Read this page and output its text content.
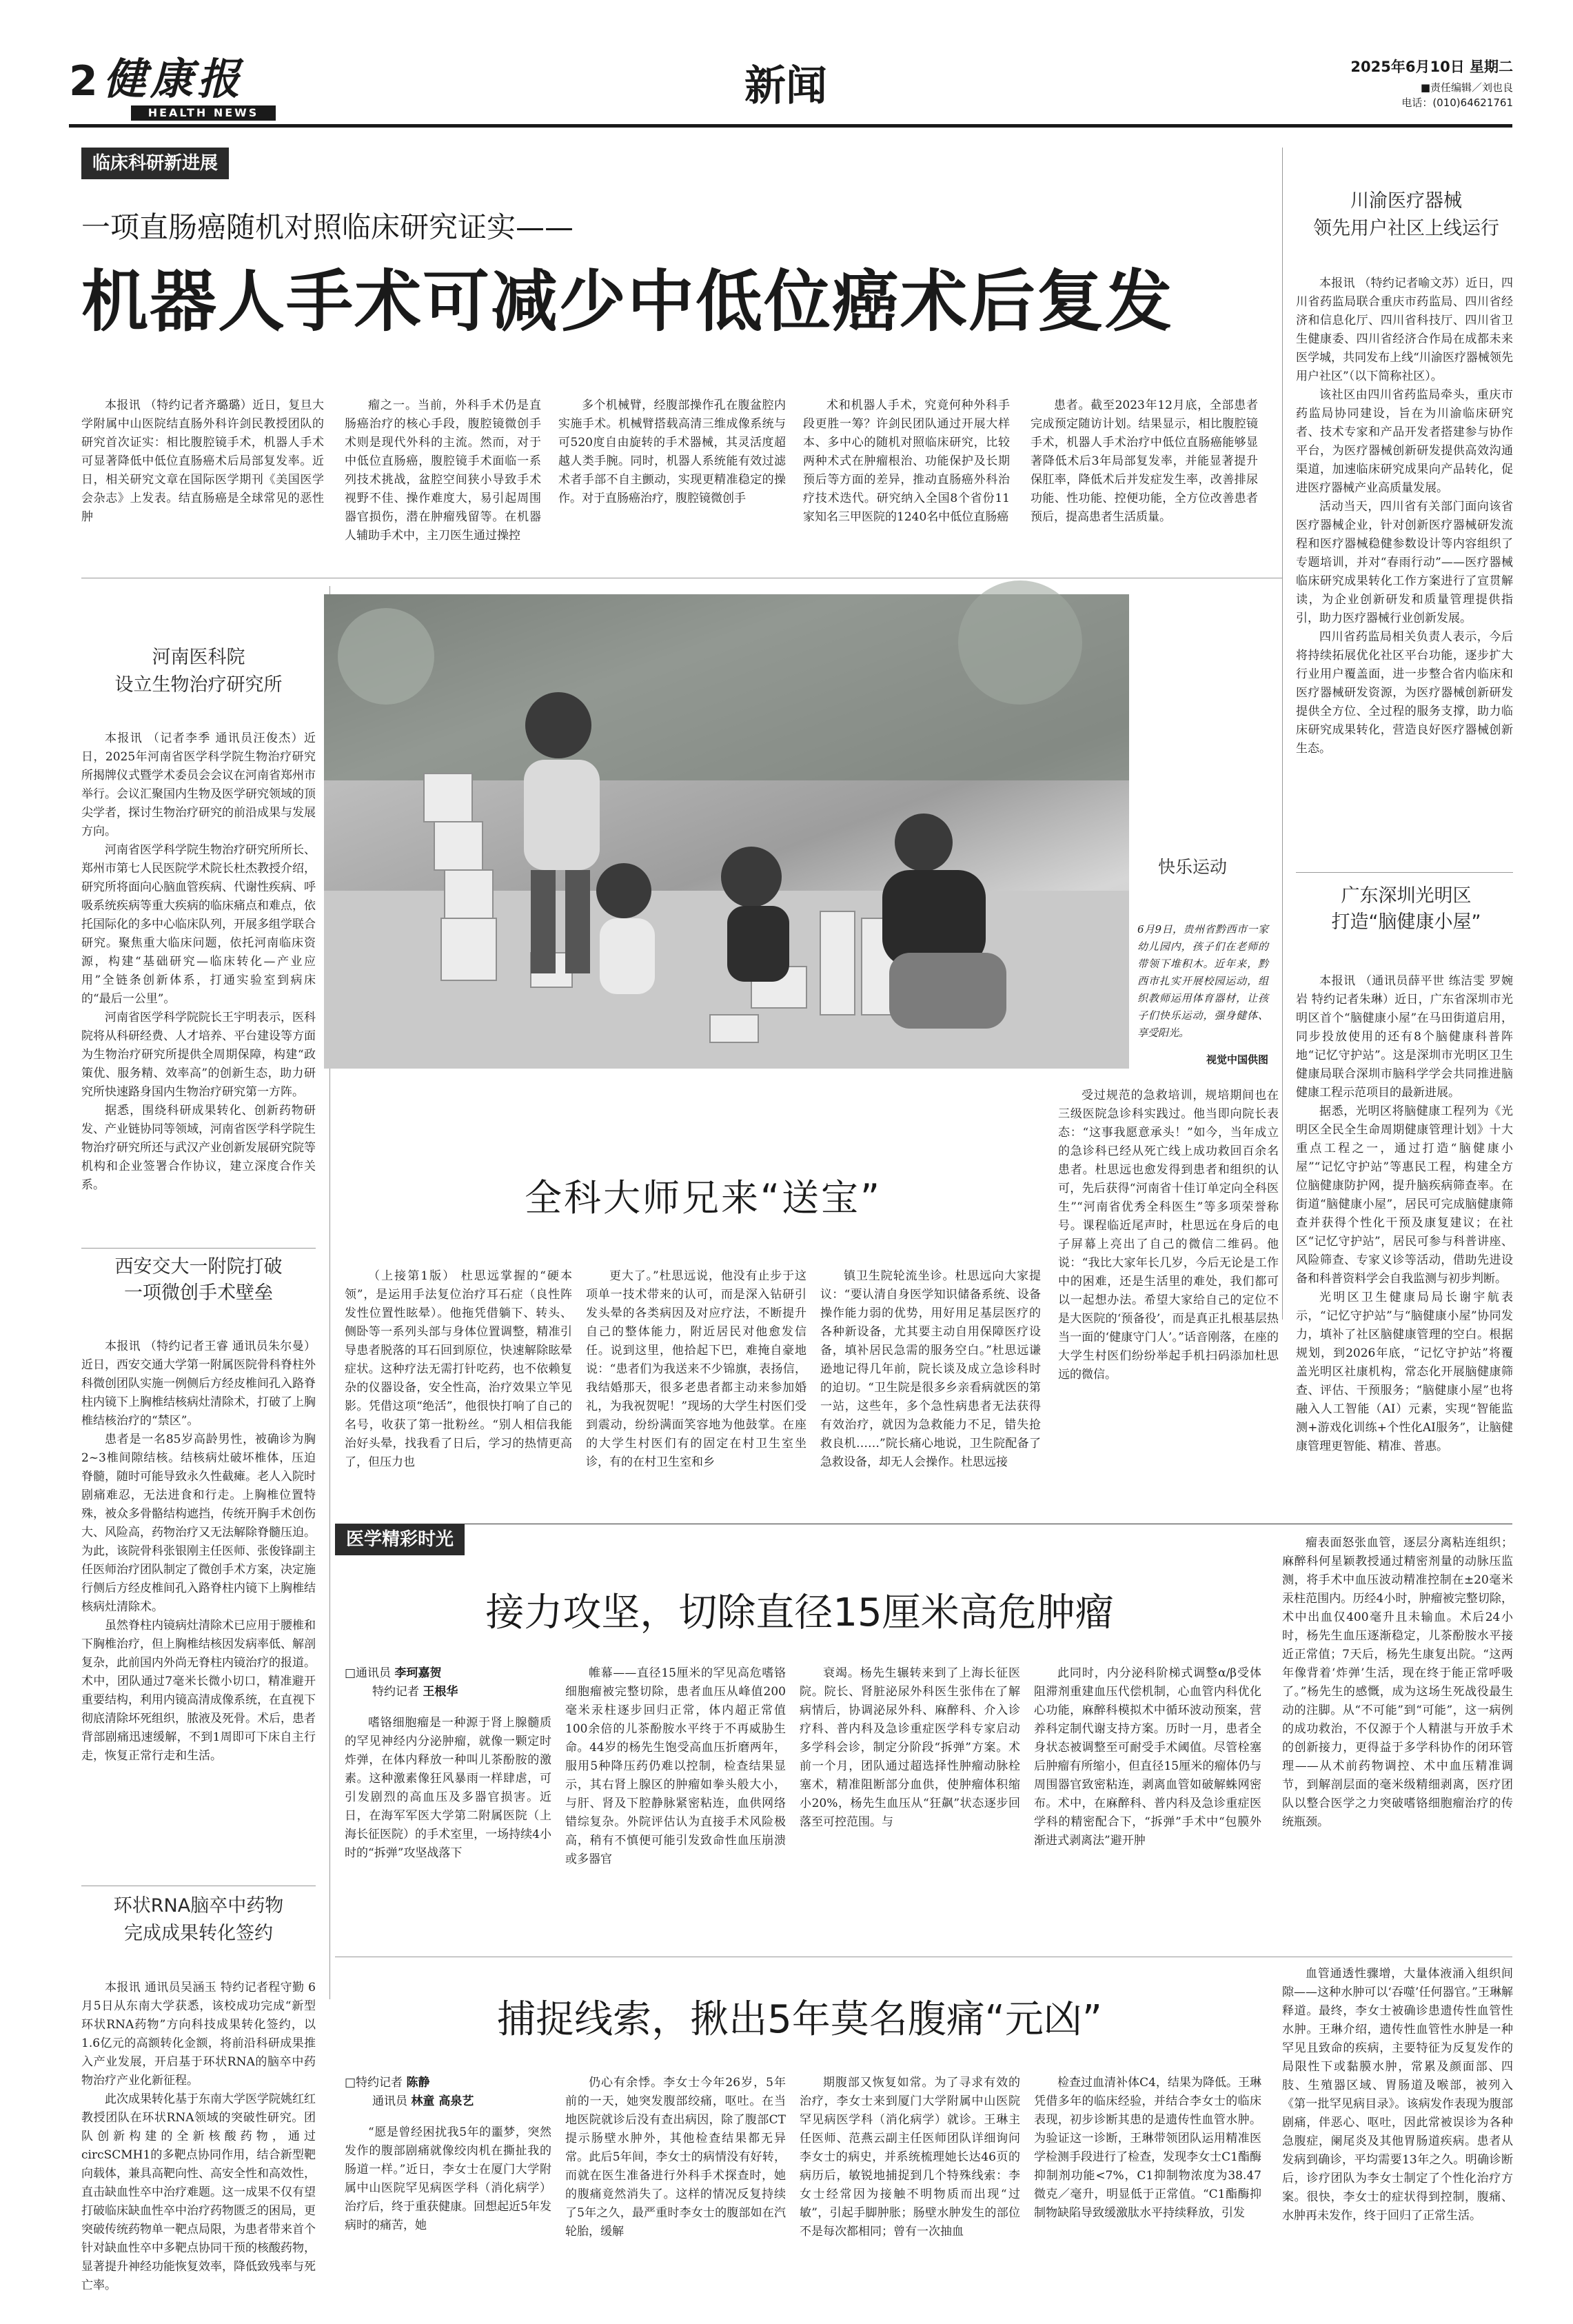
2 健康报
HEALTH NEWS
新闻	2025年6月10日 星期二
■责任编辑／刘也良
电话：(010)64621761
临床科研新进展
一项直肠癌随机对照临床研究证实——
机器人手术可减少中低位癌术后复发

本报讯 （特约记者齐璐璐）近日，复旦大学附属中山医院结直肠外科许剑民教授团队的研究首次证实：相比腹腔镜手术，机器人手术可显著降低中低位直肠癌术后局部复发率。近日，相关研究文章在国际医学期刊《美国医学会杂志》上发表。结直肠癌是全球常见的恶性肿

瘤之一。当前，外科手术仍是直肠癌治疗的核心手段，腹腔镜微创手术则是现代外科的主流。然而，对于中低位直肠癌，腹腔镜手术面临一系列技术挑战，盆腔空间狭小导致手术视野不佳、操作难度大，易引起周围器官损伤，潜在肿瘤残留等。在机器人辅助手术中，主刀医生通过操控

多个机械臂，经腹部操作孔在腹盆腔内实施手术。机械臂搭载高清三维成像系统与可520度自由旋转的手术器械，其灵活度超越人类手腕。同时，机器人系统能有效过滤术者手部不自主颤动，实现更精准稳定的操作。对于直肠癌治疗，腹腔镜微创手

术和机器人手术，究竟何种外科手段更胜一筹？许剑民团队通过开展大样本、多中心的随机对照临床研究，比较两种术式在肿瘤根治、功能保护及长期预后等方面的差异，推动直肠癌外科治疗技术迭代。研究纳入全国8个省份11家知名三甲医院的1240名中低位直肠癌

患者。截至2023年12月底，全部患者完成预定随访计划。结果显示，相比腹腔镜手术，机器人手术治疗中低位直肠癌能够显著降低术后3年局部复发率，并能显著提升保肛率，降低术后并发症发生率，改善排尿功能、性功能、控便功能，全方位改善患者预后，提高患者生活质量。

川渝医疗器械
领先用户社区上线运行

本报讯 （特约记者喻文苏）近日，四川省药监局联合重庆市药监局、四川省经济和信息化厅、四川省科技厅、四川省卫生健康委、四川省经济合作局在成都未来医学城，共同发布上线“川渝医疗器械领先用户社区”（以下简称社区）。

该社区由四川省药监局牵头，重庆市药监局协同建设，旨在为川渝临床研究者、技术专家和产品开发者搭建参与协作平台，为医疗器械创新研发提供高效沟通渠道，加速临床研究成果向产品转化，促进医疗器械产业高质量发展。

活动当天，四川省有关部门面向该省医疗器械企业，针对创新医疗器械研发流程和医疗器械稳健参数设计等内容组织了专题培训，并对“春雨行动”——医疗器械临床研究成果转化工作方案进行了宣贯解读，为企业创新研发和质量管理提供指引，助力医疗器械行业创新发展。

四川省药监局相关负责人表示，今后将持续拓展优化社区平台功能，逐步扩大行业用户覆盖面，进一步整合省内临床和医疗器械研发资源，为医疗器械创新研发提供全方位、全过程的服务支撑，助力临床研究成果转化，营造良好医疗器械创新生态。

广东深圳光明区
打造“脑健康小屋”

本报讯 （通讯员薛平世 练洁雯 罗婉岩 特约记者朱琳）近日，广东省深圳市光明区首个“脑健康小屋”在马田街道启用，同步投放使用的还有8个脑健康科普阵地“记忆守护站”。这是深圳市光明区卫生健康局联合深圳市脑科学学会共同推进脑健康工程示范项目的最新进展。

据悉，光明区将脑健康工程列为《光明区全民全生命周期健康管理计划》十大重点工程之一，通过打造“脑健康小屋”“记忆守护站”等惠民工程，构建全方位脑健康防护网，提升脑疾病筛查率。在街道“脑健康小屋”，居民可完成脑健康筛查并获得个性化干预及康复建议；在社区“记忆守护站”，居民可参与科普讲座、风险筛查、专家义诊等活动，借助先进设备和科普资料学会自我监测与初步判断。

光明区卫生健康局局长谢宇航表示，“记忆守护站”与“脑健康小屋”协同发力，填补了社区脑健康管理的空白。根据规划，到2026年底，“记忆守护站”将覆盖光明区社康机构，常态化开展脑健康筛查、评估、干预服务；“脑健康小屋”也将融入人工智能（AI）元素，实现“智能监测+游戏化训练+个性化AI服务”，让脑健康管理更智能、精准、普惠。

河南医科院
设立生物治疗研究所

本报讯 （记者李季 通讯员汪俊杰）近日，2025年河南省医学科学院生物治疗研究所揭牌仪式暨学术委员会会议在河南省郑州市举行。会议汇聚国内生物及医学研究领域的顶尖学者，探讨生物治疗研究的前沿成果与发展方向。

河南省医学科学院生物治疗研究所所长、郑州市第七人民医院学术院长杜杰教授介绍，研究所将面向心脑血管疾病、代谢性疾病、呼吸系统疾病等重大疾病的临床痛点和难点，依托国际化的多中心临床队列，开展多组学联合研究。聚焦重大临床问题，依托河南临床资源，构建“基础研究—临床转化—产业应用”全链条创新体系，打通实验室到病床的“最后一公里”。

河南省医学科学院院长王宇明表示，医科院将从科研经费、人才培养、平台建设等方面为生物治疗研究所提供全周期保障，构建“政策优、服务精、效率高”的创新生态，助力研究所快速路身国内生物治疗研究第一方阵。

据悉，围绕科研成果转化、创新药物研发、产业链协同等领域，河南省医学科学院生物治疗研究所还与武汉产业创新发展研究院等机构和企业签署合作协议，建立深度合作关系。

西安交大一附院打破
一项微创手术壁垒

本报讯 （特约记者王睿 通讯员朱尔曼）近日，西安交通大学第一附属医院骨科脊柱外科微创团队实施一例侧后方经皮椎间孔入路脊柱内镜下上胸椎结核病灶清除术，打破了上胸椎结核治疗的“禁区”。

患者是一名85岁高龄男性，被确诊为胸2~3椎间隙结核。结核病灶破坏椎体，压迫脊髓，随时可能导致永久性截瘫。老人入院时剧痛难忍，无法进食和行走。上胸椎位置特殊，被众多骨骼结构遮挡，传统开胸手术创伤大、风险高，药物治疗又无法解除脊髓压迫。为此，该院骨科张银刚主任医师、张俊锋副主任医师治疗团队制定了微创手术方案，决定施行侧后方经皮椎间孔入路脊柱内镜下上胸椎结核病灶清除术。

虽然脊柱内镜病灶清除术已应用于腰椎和下胸椎治疗，但上胸椎结核因发病率低、解剖复杂，此前国内外尚无脊柱内镜治疗的报道。术中，团队通过7毫米长微小切口，精准避开重要结构，利用内镜高清成像系统，在直视下彻底清除坏死组织，脓液及死骨。术后，患者背部剧痛迅速缓解，不到1周即可下床自主行走，恢复正常行走和生活。

环状RNA脑卒中药物
完成成果转化签约

本报讯 通讯员吴涵玉 特约记者程守勤 6月5日从东南大学获悉，该校成功完成“新型环状RNA药物”方向科技成果转化签约，以1.6亿元的高额转化金额，将前沿科研成果推入产业发展，开启基于环状RNA的脑卒中药物治疗产业化新征程。

此次成果转化基于东南大学医学院姚红红教授团队在环状RNA领域的突破性研究。团队创新构建的全新核酸药物，通过circSCMH1的多靶点协同作用，结合新型靶向载体，兼具高靶向性、高安全性和高效性，直击缺血性卒中治疗难题。这一成果不仅有望打破临床缺血性卒中治疗药物匮乏的困局，更突破传统药物单一靶点局限，为患者带来首个针对缺血性卒中多靶点协同干预的核酸药物，显著提升神经功能恢复效率，降低致残率与死亡率。

快乐运动
6月9日，贵州省黔西市一家幼儿园内，孩子们在老师的带领下堆积木。近年来，黔西市扎实开展校园运动，组织教师运用体育器材，让孩子们快乐运动，强身健体、享受阳光。
视觉中国供图
全科大师兄来“送宝”

（上接第1版） 杜思远掌握的“硬本领”，是运用手法复位治疗耳石症（良性阵发性位置性眩晕）。他拖凭借躺下、转头、侧卧等一系列头部与身体位置调整，精准引导患者脱落的耳石回到原位，快速解除眩晕症状。这种疗法无需打针吃药，也不依赖复杂的仪器设备，安全性高，治疗效果立竿见影。凭借这项“绝活”，他很快打响了自己的名号，收获了第一批粉丝。“别人相信我能治好头晕，找我看了日后，学习的热情更高了，但压力也

更大了。”杜思远说，他没有止步于这项单一技术带来的认可，而是深入钻研引发头晕的各类病因及对应疗法，不断提升自己的整体能力，附近居民对他愈发信任。说到这里，他拾起下巴，难掩自豪地说：“患者们为我送来不少锦旗，表扬信，我结婚那天，很多老患者都主动来参加婚礼，为我祝贺呢！”现场的大学生村医们受到震动，纷纷满面笑容地为他鼓掌。在座的大学生村医们有的固定在村卫生室坐诊，有的在村卫生室和乡

镇卫生院轮流坐诊。杜思远向大家提议：“要认清自身医学知识储备系统、设备操作能力弱的优势，用好用足基层医疗的各种新设备，尤其要主动自用保障医疗设备，填补居民急需的服务空白。”杜思远谦逊地记得几年前，院长谈及成立急诊科时的迫切。“卫生院是很多乡亲看病就医的第一站，这些年，多个急性病患者无法获得有效治疗，就因为急救能力不足，错失抢救良机……”院长痛心地说，卫生院配备了急救设备，却无人会操作。杜思远接

受过规范的急救培训，规培期间也在三级医院急诊科实践过。他当即向院长表态：“这事我愿意承头！”如今，当年成立的急诊科已经从死亡线上成功救回百余名患者。杜思远也愈发得到患者和组织的认可，先后获得“河南省十佳订单定向全科医生”“河南省优秀全科医生”等多项荣誉称号。课程临近尾声时，杜思远在身后的电子屏幕上亮出了自己的微信二维码。他说：“我比大家年长几岁，今后无论是工作中的困难，还是生活里的难处，我们都可以一起想办法。希望大家给自己的定位不是大医院的‘预备役’，而是真正扎根基层热当一面的‘健康守门人’。”话音刚落，在座的大学生村医们纷纷举起手机扫码添加杜思远的微信。

医学精彩时光
接力攻坚，切除直径15厘米高危肿瘤
□通讯员 李珂嘉贺
特约记者 王根华

嗜铬细胞瘤是一种源于肾上腺髓质的罕见神经内分泌肿瘤，就像一颗定时炸弹，在体内释放一种叫儿茶酚胺的激素。这种激素像狂风暴雨一样肆虐，可引发剧烈的高血压及多器官损害。近日，在海军军医大学第二附属医院（上海长征医院）的手术室里，一场持续4小时的“拆弹”攻坚战落下

帷幕——直径15厘米的罕见高危嗜铬细胞瘤被完整切除，患者血压从峰值200毫米汞柱逐步回归正常，体内超正常值100余倍的儿茶酚胺水平终于不再威胁生命。44岁的杨先生饱受高血压折磨两年，服用5种降压药仍难以控制，检查结果显示，其右肾上腺区的肿瘤如拳头般大小，与肝、肾及下腔静脉紧密粘连，血供网络错综复杂。外院评估认为直接手术风险极高，稍有不慎便可能引发致命性血压崩溃或多器官

衰竭。杨先生辗转来到了上海长征医院。院长、肾脏泌尿外科医生张伟在了解病情后，协调泌尿外科、麻醉科、介入诊疗科、普内科及急诊重症医学科专家启动多学科会诊，制定分阶段“拆弹”方案。术前一个月，团队通过超选择性肿瘤动脉栓塞术，精准阻断部分血供，使肿瘤体积缩小20%，杨先生血压从“狂飙”状态逐步回落至可控范围。与

此同时，内分泌科阶梯式调整α/β受体阻滞剂重建血压代偿机制，心血管内科优化心功能，麻醉科模拟术中循环波动预案，营养科定制代谢支持方案。历时一月，患者全身状态被调整至可耐受手术阈值。尽管栓塞后肿瘤有所缩小，但直径15厘米的瘤体仍与周围器官致密粘连，剥离血管如破解蛛网密布。术中，在麻醉科、普内科及急诊重症医学科的精密配合下，“拆弹”手术中“包膜外渐进式剥离法”避开肿

瘤表面怒张血管，逐层分离粘连组织；麻醉科何星颖教授通过精密剂量的动脉压监测，将手术中血压波动精准控制在±20毫米汞柱范围内。历经4小时，肿瘤被完整切除，术中出血仅400毫升且未输血。术后24小时，杨先生血压逐渐稳定，儿茶酚胺水平接近正常值；7天后，杨先生康复出院。“这两年像背着‘炸弹’生活，现在终于能正常呼吸了。”杨先生的感慨，成为这场生死战役最生动的注脚。从“不可能”到“可能”，这一病例的成功救治，不仅源于个人精湛与开放手术的创新接力，更得益于多学科协作的闭环管理——从术前药物调控、术中血压精准调节，到解剖层面的毫米级精细剥离，医疗团队以整合医学之力突破嗜铬细胞瘤治疗的传统瓶颈。

捕捉线索，揪出5年莫名腹痛“元凶”
□特约记者 陈静
通讯员 林童 高泉艺

“愿是曾经困扰我5年的噩梦，突然发作的腹部剧痛就像绞肉机在撕扯我的肠道一样。”近日，李女士在厦门大学附属中山医院罕见病医学科（消化病学）治疗后，终于重获健康。回想起近5年发病时的痛苦，她

仍心有余悸。李女士今年26岁，5年前的一天，她突发腹部绞痛，呕吐。在当地医院就诊后没有查出病因，除了腹部CT提示肠壁水肿外，其他检查结果都无异常。此后5年间，李女士的病情没有好转，而就在医生准备进行外科手术探查时，她的腹痛竟然消失了。这样的情况反复持续了5年之久，最严重时李女士的腹部如在汽轮胎，缓解

期腹部又恢复如常。为了寻求有效的治疗，李女士来到厦门大学附属中山医院罕见病医学科（消化病学）就诊。王琳主任医师、范燕云副主任医师团队详细询问李女士的病史，并系统梳理她长达46页的病历后，敏锐地捕捉到几个特殊线索：李女士经常因为接触不明物质而出现“过敏”，引起手脚肿胀；肠壁水肿发生的部位不是每次都相同；曾有一次抽血

检查过血清补体C4，结果为降低。王琳凭借多年的临床经验，并结合李女士的临床表现，初步诊断其患的是遗传性血管水肿。为验证这一诊断，王琳带领团队运用精准医学检测手段进行了检查，发现李女士C1酯酶抑制剂功能<7%，C1抑制物浓度为38.47微克／毫升，明显低于正常值。“C1酯酶抑制物缺陷导致缓激肽水平持续释放，引发

血管通透性骤增，大量体液涌入组织间隙——这种水肿可以‘吞噬’任何器官。”王琳解释道。最终，李女士被确诊患遗传性血管性水肿。王琳介绍，遗传性血管性水肿是一种罕见且致命的疾病，主要特征为反复发作的局限性下或黏膜水肿，常累及颜面部、四肢、生殖器区域、胃肠道及喉部，被列入《第一批罕见病目录》。该病发作表现为腹部剧痛，伴恶心、呕吐，因此常被误诊为各种急腹症，阑尾炎及其他胃肠道疾病。患者从发病到确诊，平均需要13年之久。明确诊断后，诊疗团队为李女士制定了个性化治疗方案。很快，李女士的症状得到控制，腹痛、水肿再未发作，终于回归了正常生活。
